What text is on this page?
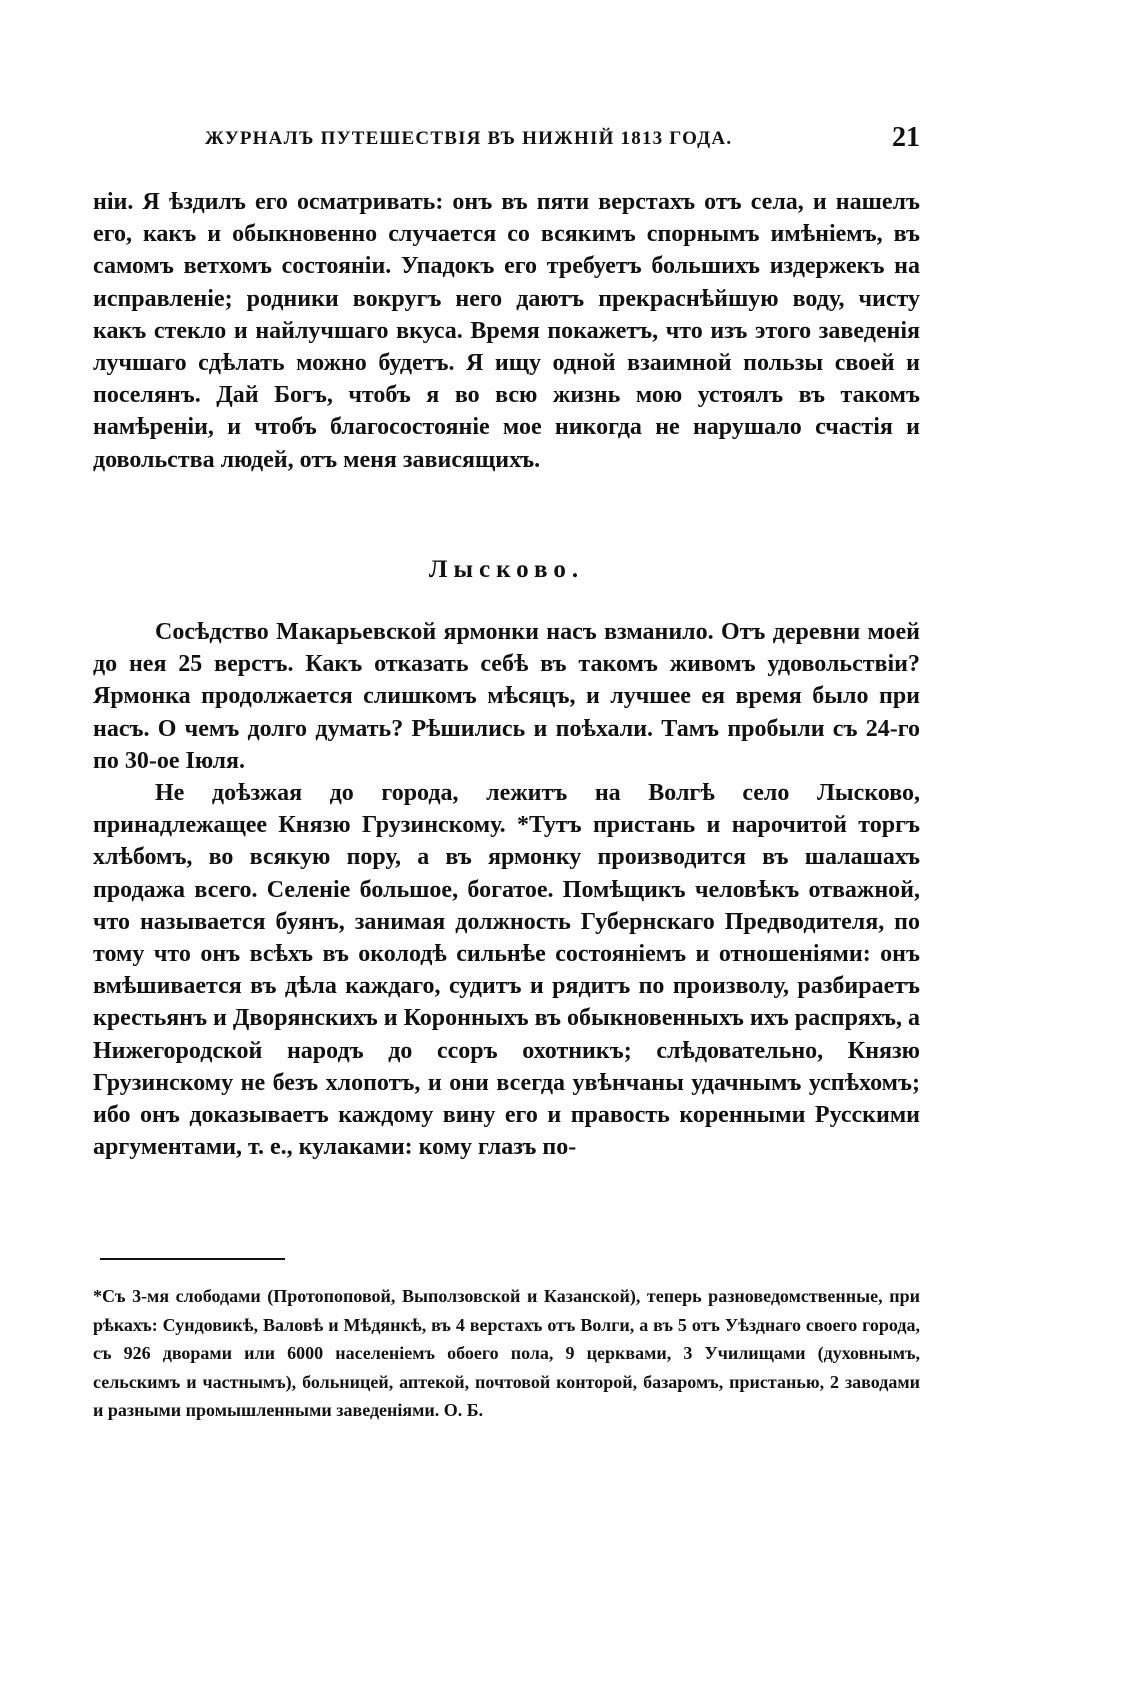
ЖУРНАЛЪ ПУТЕШЕСТВІЯ ВЪ НИЖНІЙ 1813 ГОДА.	21

ніи. Я ѣздилъ его осматривать: онъ въ пяти верстахъ отъ села, и нашелъ его, какъ и обыкновенно случается со всякимъ спорнымъ имѣніемъ, въ самомъ ветхомъ состояніи. Упадокъ его требуетъ большихъ издержекъ на исправленіе; родники вокругъ него даютъ прекраснѣйшую воду, чисту какъ стекло и найлучшаго вкуса. Время покажетъ, что изъ этого заведенія лучшаго сдѣлать можно будетъ. Я ищу одной взаимной пользы своей и поселянъ. Дай Богъ, чтобъ я во всю жизнь мою устоялъ въ такомъ намѣреніи, и чтобъ благосостояніе мое никогда не нарушало счастія и довольства людей, отъ меня зависящихъ.

Лысково.

Сосѣдство Макарьевской ярмонки насъ взманило. Отъ деревни моей до нея 25 верстъ. Какъ отказать себѣ въ такомъ живомъ удовольствіи? Ярмонка продолжается слишкомъ мѣсяцъ, и лучшее ея время было при насъ. О чемъ долго думать? Рѣшились и поѣхали. Тамъ пробыли съ 24-го по 30-ое Іюля.

Не доѣзжая до города, лежитъ на Волгѣ село Лысково, принадлежащее Князю Грузинскому. *Тутъ пристань и нарочитой торгъ хлѣбомъ, во всякую пору, а въ ярмонку производится въ шалашахъ продажа всего. Селеніе большое, богатое. Помѣщикъ человѣкъ отважной, что называется буянъ, занимая должность Губернскаго Предводителя, по тому что онъ всѣхъ въ околодѣ сильнѣе состояніемъ и отношеніями: онъ вмѣшивается въ дѣла каждаго, судитъ и рядитъ по произволу, разбираетъ крестьянъ и Дворянскихъ и Коронныхъ въ обыкновенныхъ ихъ распряхъ, а Нижегородской народъ до ссоръ охотникъ; слѣдовательно, Князю Грузинскому не безъ хлопотъ, и они всегда увѣнчаны удачнымъ успѣхомъ; ибо онъ доказываетъ каждому вину его и правость коренными Русскими аргументами, т. е., кулаками: кому глазъ по-

*Съ 3-мя слободами (Протопоповой, Выползовской и Казанской), теперь разноведомственные, при рѣкахъ: Сундовикѣ, Валовѣ и Мѣдянкѣ, въ 4 верстахъ отъ Волги, а въ 5 отъ Уѣзднаго своего города, съ 926 дворами или 6000 населеніемъ обоего пола, 9 церквами, 3 Училищами (духовнымъ, сельскимъ и частнымъ), больницей, аптекой, почтовой конторой, базаромъ, пристанью, 2 заводами и разными промышленными заведеніями. О. Б.
